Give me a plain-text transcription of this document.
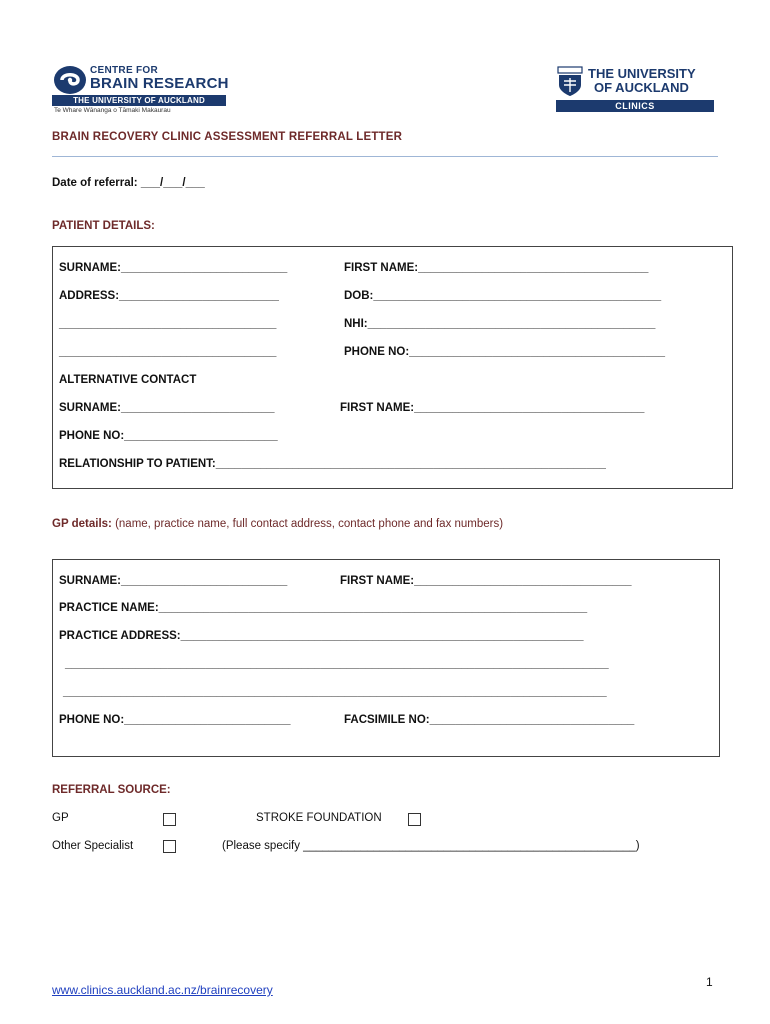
CENTRE FOR
BRAIN RESEARCH
THE UNIVERSITY OF AUCKLAND
Te Whare Wānanga o Tāmaki Makaurau
THE UNIVERSITY
OF AUCKLAND
CLINICS
BRAIN RECOVERY CLINIC ASSESSMENT REFERRAL LETTER
Date of referral: ___/___/___
PATIENT DETAILS:
SURNAME:__________________________	FIRST NAME:____________________________________
ADDRESS:_________________________	DOB:_____________________________________________
__________________________________	NHI:_____________________________________________
__________________________________	PHONE NO:________________________________________
ALTERNATIVE CONTACT
SURNAME:________________________	FIRST NAME:____________________________________
PHONE NO:________________________
RELATIONSHIP TO PATIENT:_____________________________________________________________
GP details: (name, practice name, full contact address, contact phone and fax numbers)
SURNAME:__________________________	FIRST NAME:__________________________________
PRACTICE NAME:___________________________________________________________________
PRACTICE ADDRESS:_______________________________________________________________
_____________________________________________________________________________________
_____________________________________________________________________________________
PHONE NO:__________________________	FACSIMILE NO:________________________________
REFERRAL SOURCE:
GP	STROKE FOUNDATION
Other Specialist	(Please specify ____________________________________________________)
www.clinics.auckland.ac.nz/brainrecovery
1
